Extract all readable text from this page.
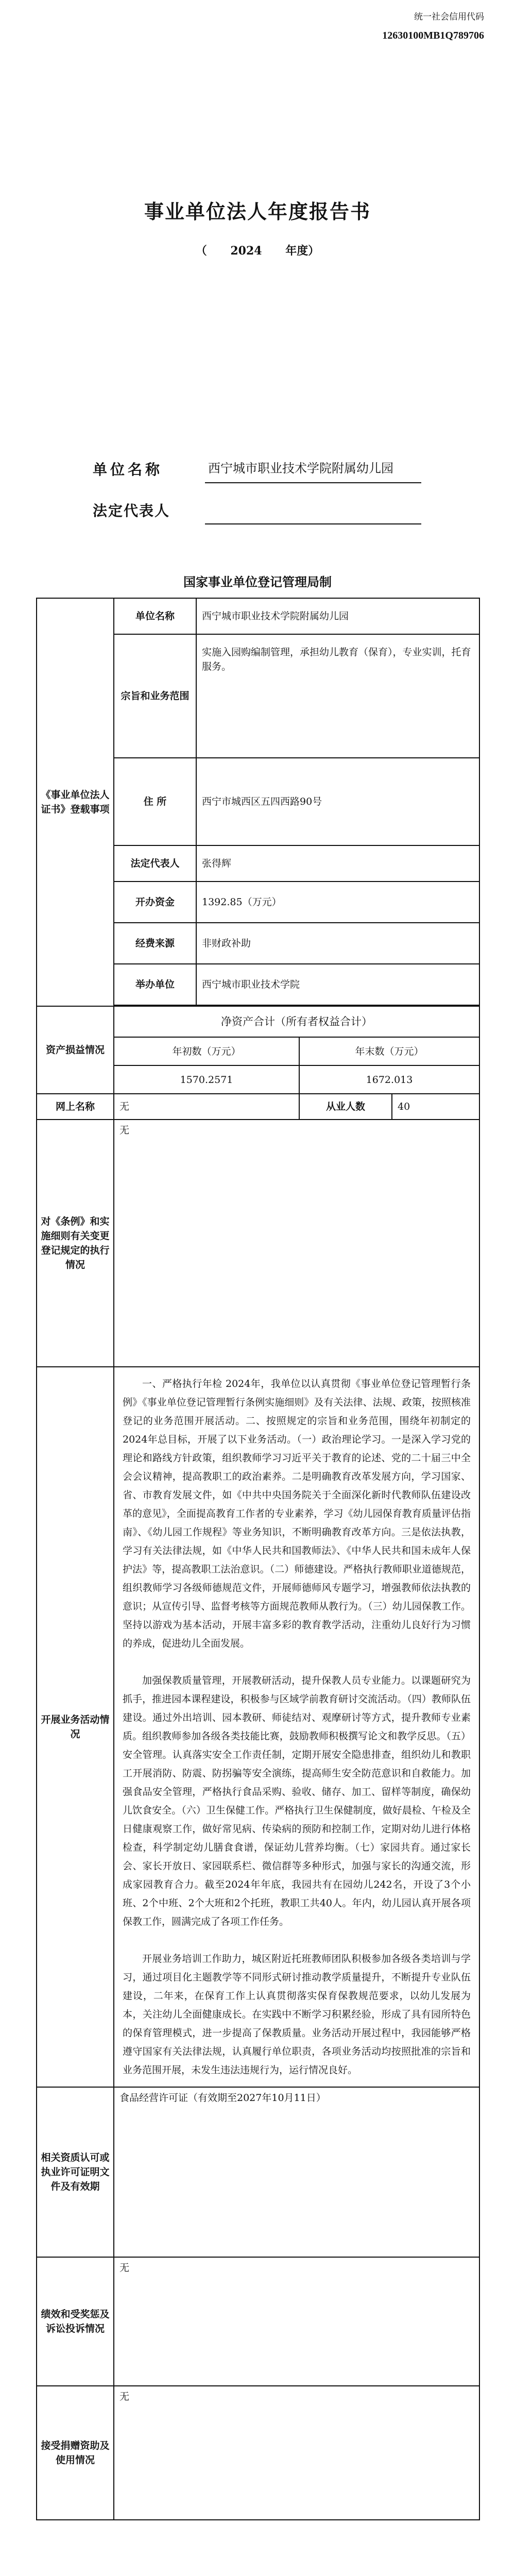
统一社会信用代码
12630100MB1Q789706
事业单位法人年度报告书
（ 2024 年度）
单位名称	西宁城市职业技术学院附属幼儿园
法定代表人
国家事业单位登记管理局制
《事业单位法人证书》登载事项	单位名称	西宁城市职业技术学院附属幼儿园		
	宗旨和业务范围	实施入园购编制管理，承担幼儿教育（保育），专业实训，托育服务。		
	住 所	西宁市城西区五四西路90号		
	法定代表人	张得辉		
	开办资金	1392.85（万元）		
	经费来源	非财政补助		
	举办单位	西宁城市职业技术学院		

资产损益情况	净资产合计（所有者权益合计）			
	年初数（万元）		年末数（万元）	
	1570.2571		1672.013	
网上名称	无		从业人数	40
对《条例》和实施细则有关变更登记规定的执行情况	无			
开展业务活动情况	一、严格执行年检 2024年，我单位以认真贯彻《事业单位登记管理暂行条例》《事业单位登记管理暂行条例实施细则》及有关法律、法规、政策，按照核准登记的业务范围开展活动。二、按照规定的宗旨和业务范围，围绕年初制定的2024年总目标，开展了以下业务活动。（一）政治理论学习。一是深入学习党的理论和路线方针政策，组织教师学习习近平关于教育的论述、党的二十届三中全会会议精神，提高教职工的政治素养。二是明确教育改革发展方向，学习国家、省、市教育发展文件，如《中共中央国务院关于全面深化新时代教师队伍建设改革的意见》，全面提高教育工作者的专业素养，学习《幼儿园保育教育质量评估指南》、《幼儿园工作规程》等业务知识，不断明确教育改革方向。三是依法执教，学习有关法律法规，如《中华人民共和国教师法》、《中华人民共和国未成年人保护法》等，提高教职工法治意识。（二）师德建设。严格执行教师职业道德规范，组织教师学习各级师德规范文件，开展师德师风专题学习，增强教师依法执教的意识；从宣传引导、监督考核等方面规范教师从教行为。（三）幼儿园保教工作。坚持以游戏为基本活动，开展丰富多彩的教育教学活动，注重幼儿良好行为习惯的养成，促进幼儿全面发展。

加强保教质量管理，开展教研活动，提升保教人员专业能力。以课题研究为抓手，推进园本课程建设，积极参与区域学前教育研讨交流活动。（四）教师队伍建设。通过外出培训、园本教研、师徒结对、观摩研讨等方式，提升教师专业素质。组织教师参加各级各类技能比赛，鼓励教师积极撰写论文和教学反思。（五）安全管理。认真落实安全工作责任制，定期开展安全隐患排查，组织幼儿和教职工开展消防、防震、防拐骗等安全演练，提高师生安全防范意识和自救能力。加强食品安全管理，严格执行食品采购、验收、储存、加工、留样等制度，确保幼儿饮食安全。（六）卫生保健工作。严格执行卫生保健制度，做好晨检、午检及全日健康观察工作，做好常见病、传染病的预防和控制工作，定期对幼儿进行体格检查，科学制定幼儿膳食食谱，保证幼儿营养均衡。（七）家园共育。通过家长会、家长开放日、家园联系栏、微信群等多种形式，加强与家长的沟通交流，形成家园教育合力。截至2024年年底，我园共有在园幼儿242名，开设了3个小班、2个中班、2个大班和2个托班，教职工共40人。年内，幼儿园认真开展各项保教工作，圆满完成了各项工作任务。

开展业务培训工作助力，城区附近托班教师团队积极参加各级各类培训与学习，通过项目化主题教学等不同形式研讨推动教学质量提升，不断提升专业队伍建设，二年来，在保育工作上认真贯彻落实保育保教规范要求，以幼儿发展为本，关注幼儿全面健康成长。在实践中不断学习积累经验，形成了具有园所特色的保育管理模式，进一步提高了保教质量。业务活动开展过程中，我园能够严格遵守国家有关法律法规，认真履行单位职责，各项业务活动均按照批准的宗旨和业务范围开展，未发生违法违规行为，运行情况良好。			

相关资质认可或执业许可证明文件及有效期	食品经营许可证（有效期至2027年10月11日）			
绩效和受奖惩及诉讼投诉情况	无			
接受捐赠资助及使用情况	无			
